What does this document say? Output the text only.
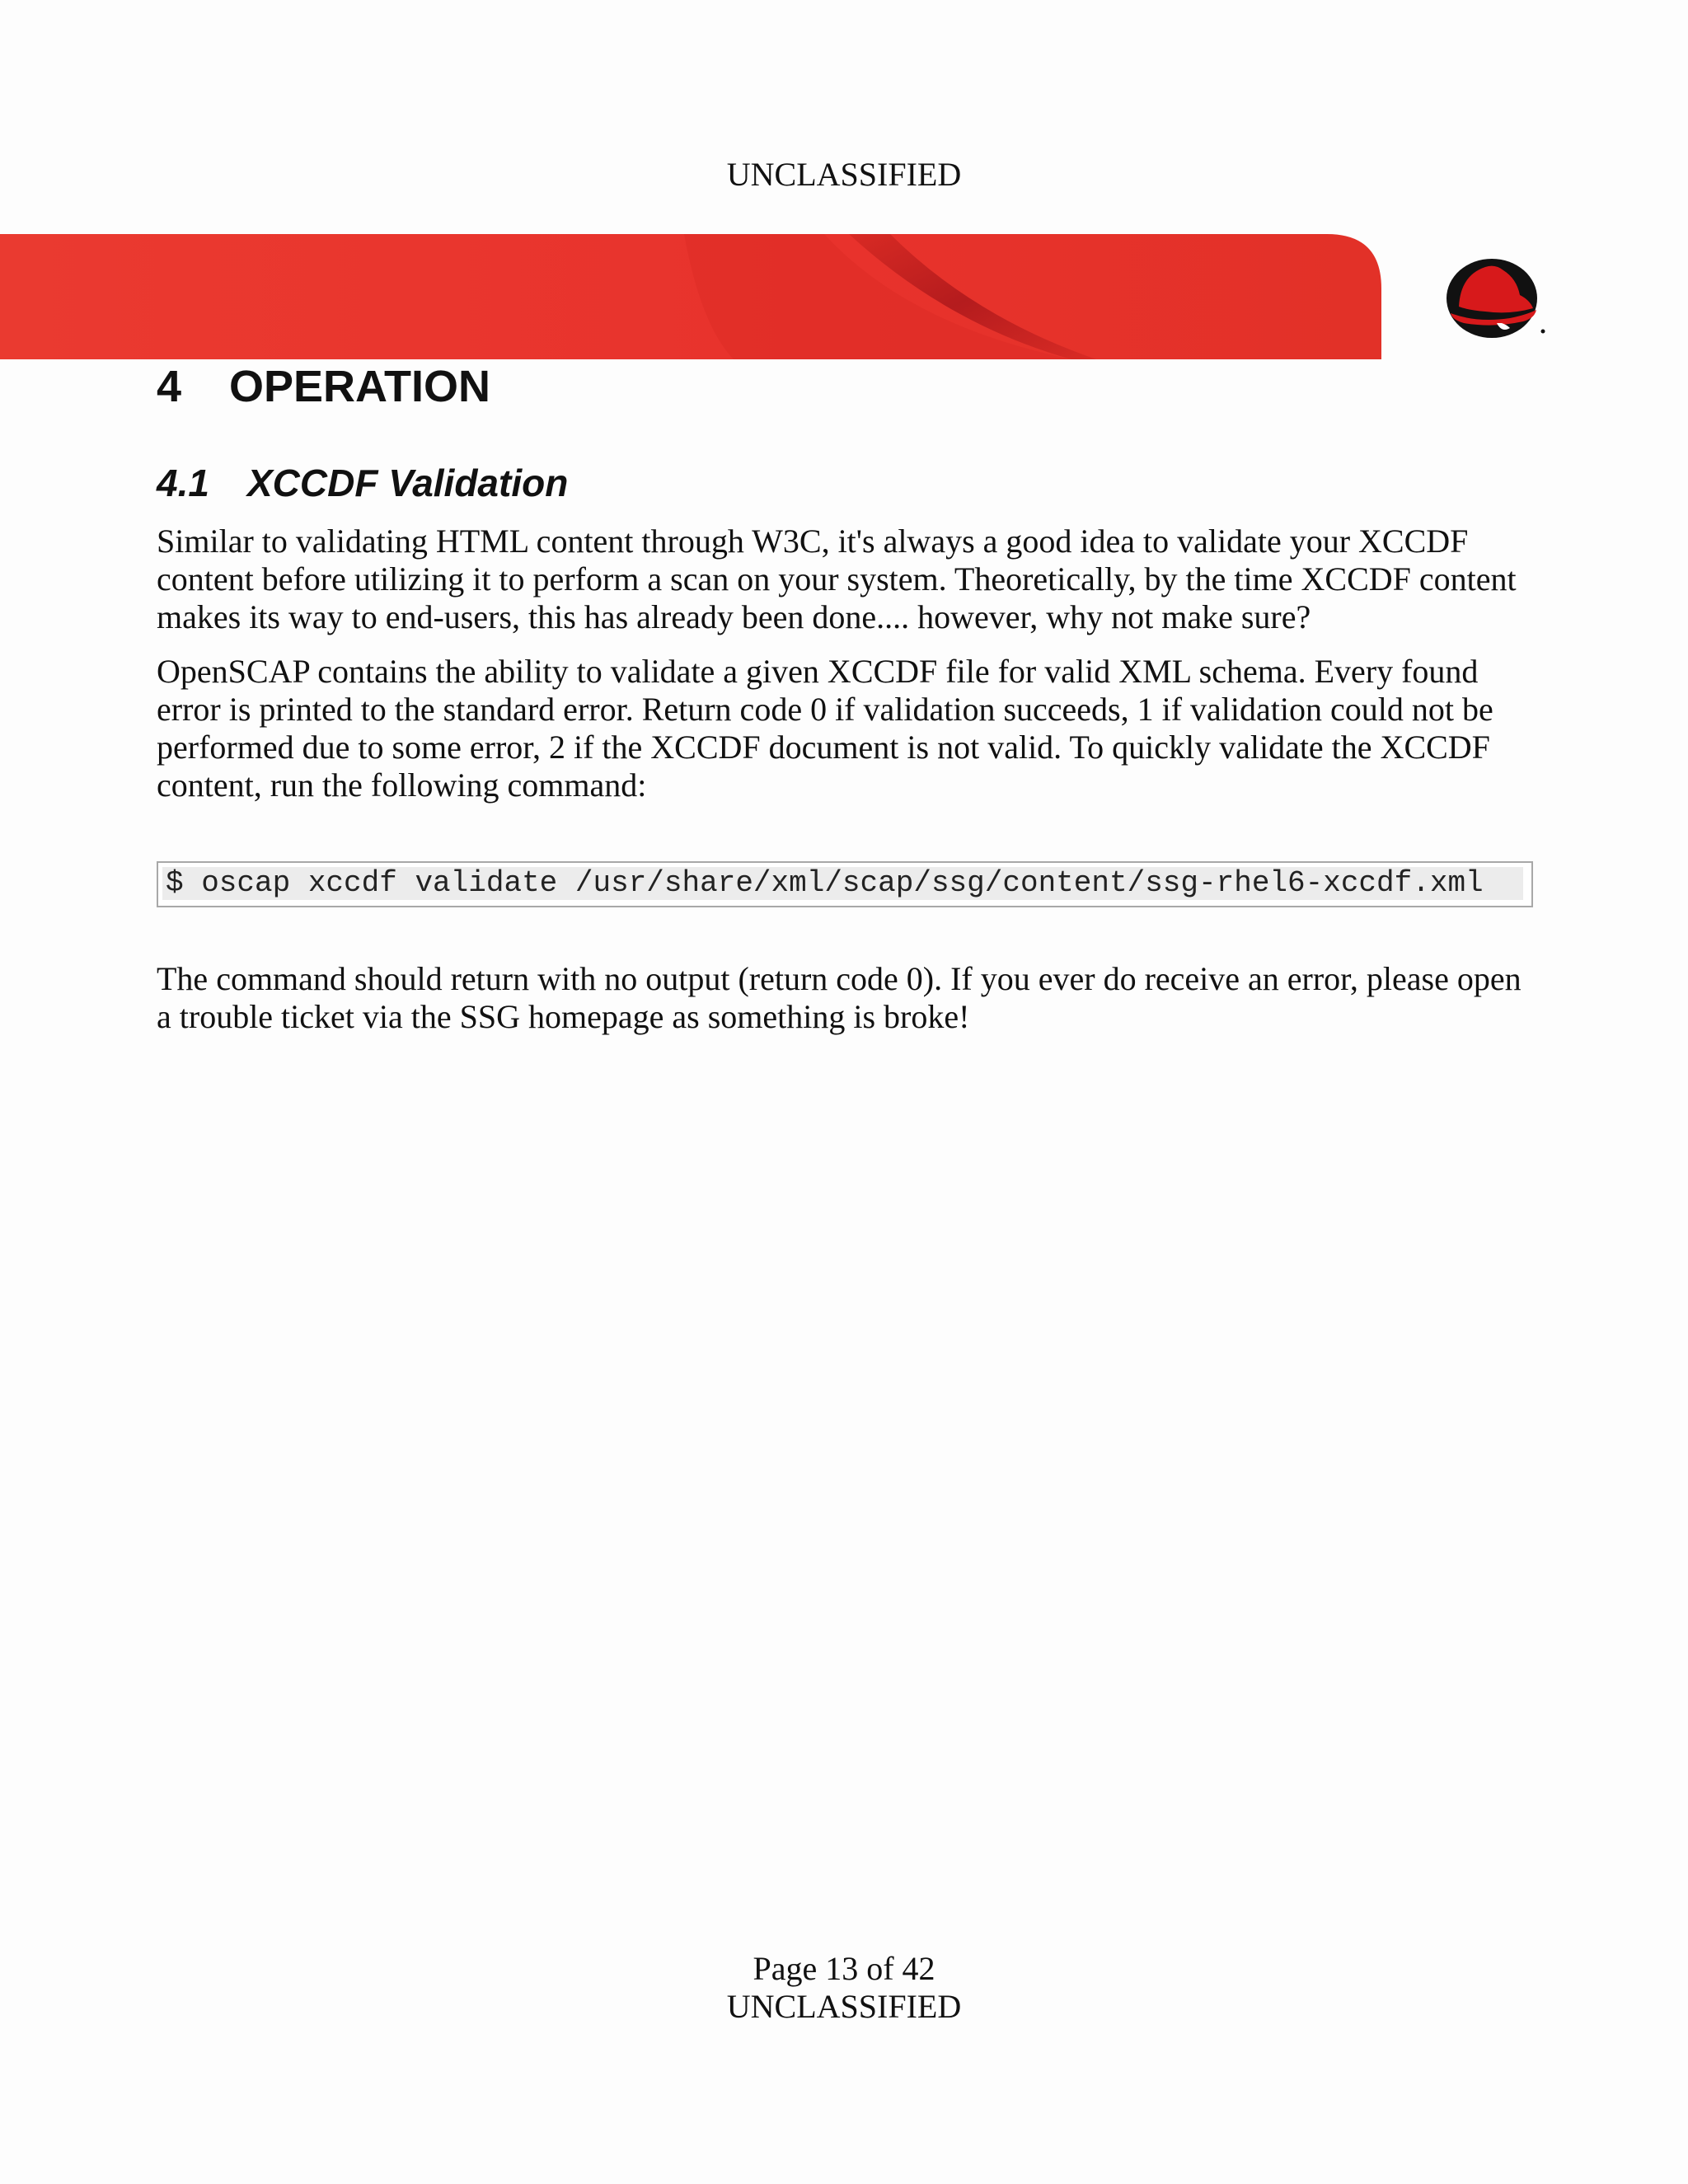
UNCLASSIFIED
4 OPERATION
4.1 XCCDF Validation

Similar to validating HTML content through W3C, it's always a good idea to validate your XCCDF content before utilizing it to perform a scan on your system. Theoretically, by the time XCCDF content makes its way to end-users, this has already been done.... however, why not make sure?

OpenSCAP contains the ability to validate a given XCCDF file for valid XML schema. Every found error is printed to the standard error. Return code 0 if validation succeeds, 1 if validation could not be performed due to some error, 2 if the XCCDF document is not valid. To quickly validate the XCCDF content, run the following command:

$ oscap xccdf validate /usr/share/xml/scap/ssg/content/ssg-rhel6-xccdf.xml

The command should return with no output (return code 0). If you ever do receive an error, please open a trouble ticket via the SSG homepage as something is broke!

Page 13 of 42
UNCLASSIFIED
